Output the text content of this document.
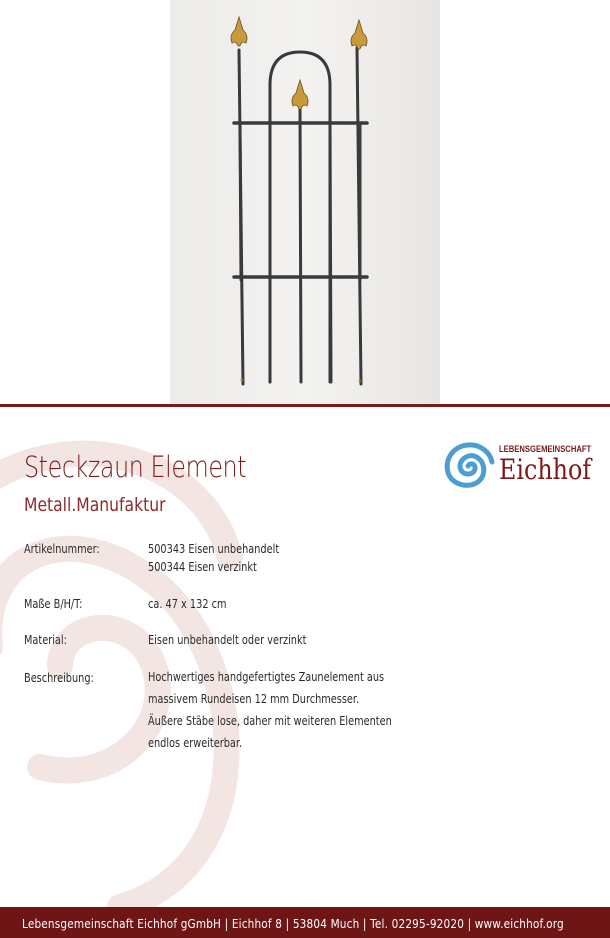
Steckzaun Element
Metall.Manufaktur
LEBENSGEMEINSCHAFT
Eichhof
Artikelnummer:	500343 Eisen unbehandelt
500344 Eisen verzinkt
Maße B/H/T:	ca. 47 x 132 cm
Material:	Eisen unbehandelt oder verzinkt
Beschreibung:	Hochwertiges handgefertigtes Zaunelement aus
massivem Rundeisen 12 mm Durchmesser.
Äußere Stäbe lose, daher mit weiteren Elementen
endlos erweiterbar.
Lebensgemeinschaft Eichhof gGmbH | Eichhof 8 | 53804 Much | Tel. 02295-92020 | www.eichhof.org
